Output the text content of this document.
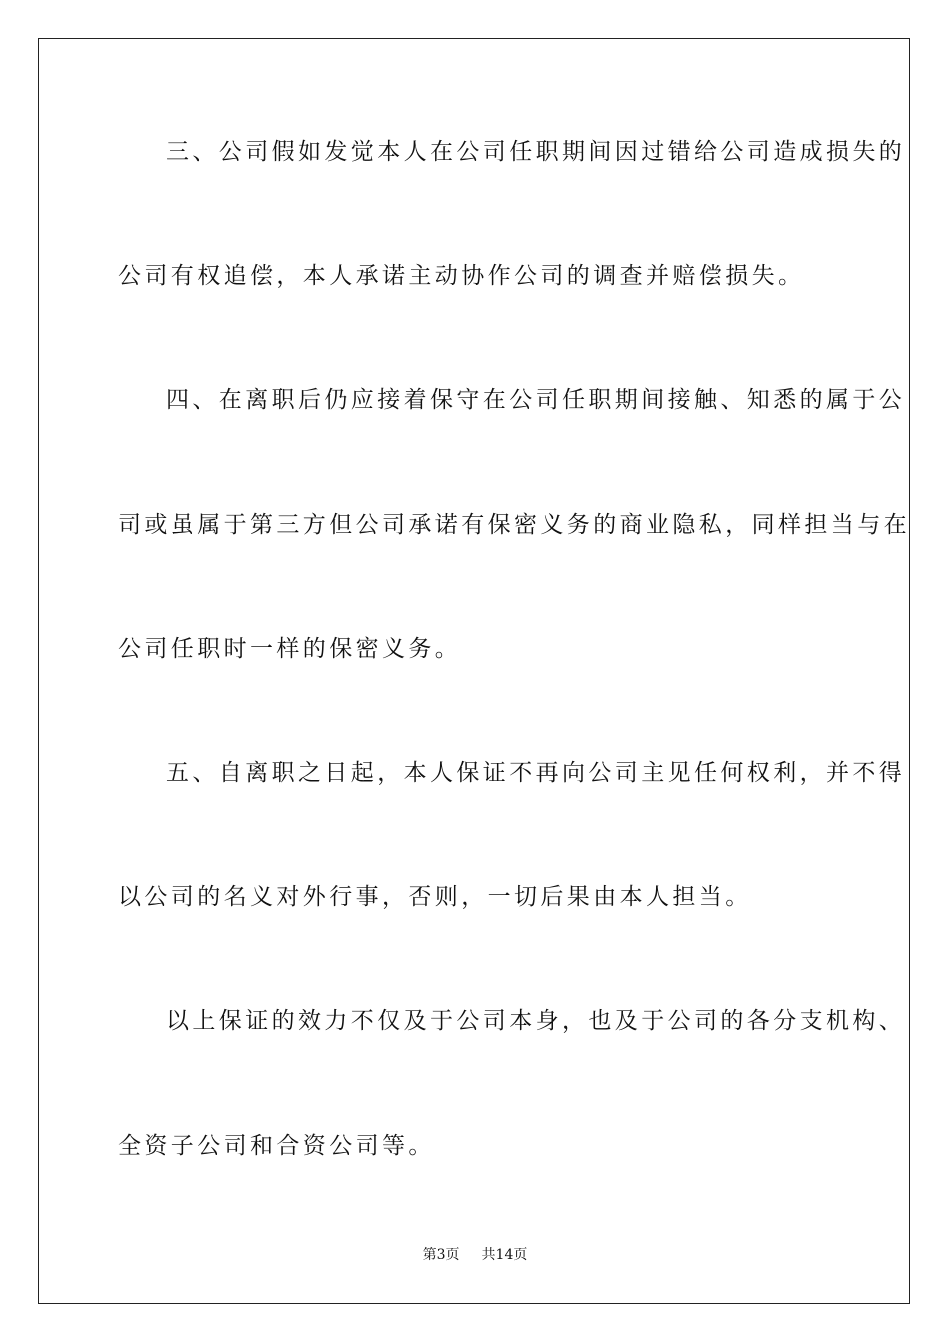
三、公司假如发觉本人在公司任职期间因过错给公司造成损失的
公司有权追偿，本人承诺主动协作公司的调查并赔偿损失。
四、在离职后仍应接着保守在公司任职期间接触、知悉的属于公
司或虽属于第三方但公司承诺有保密义务的商业隐私，同样担当与在
公司任职时一样的保密义务。
五、自离职之日起，本人保证不再向公司主见任何权利，并不得
以公司的名义对外行事，否则，一切后果由本人担当。
以上保证的效力不仅及于公司本身，也及于公司的各分支机构、
全资子公司和合资公司等。
第3页 共14页
